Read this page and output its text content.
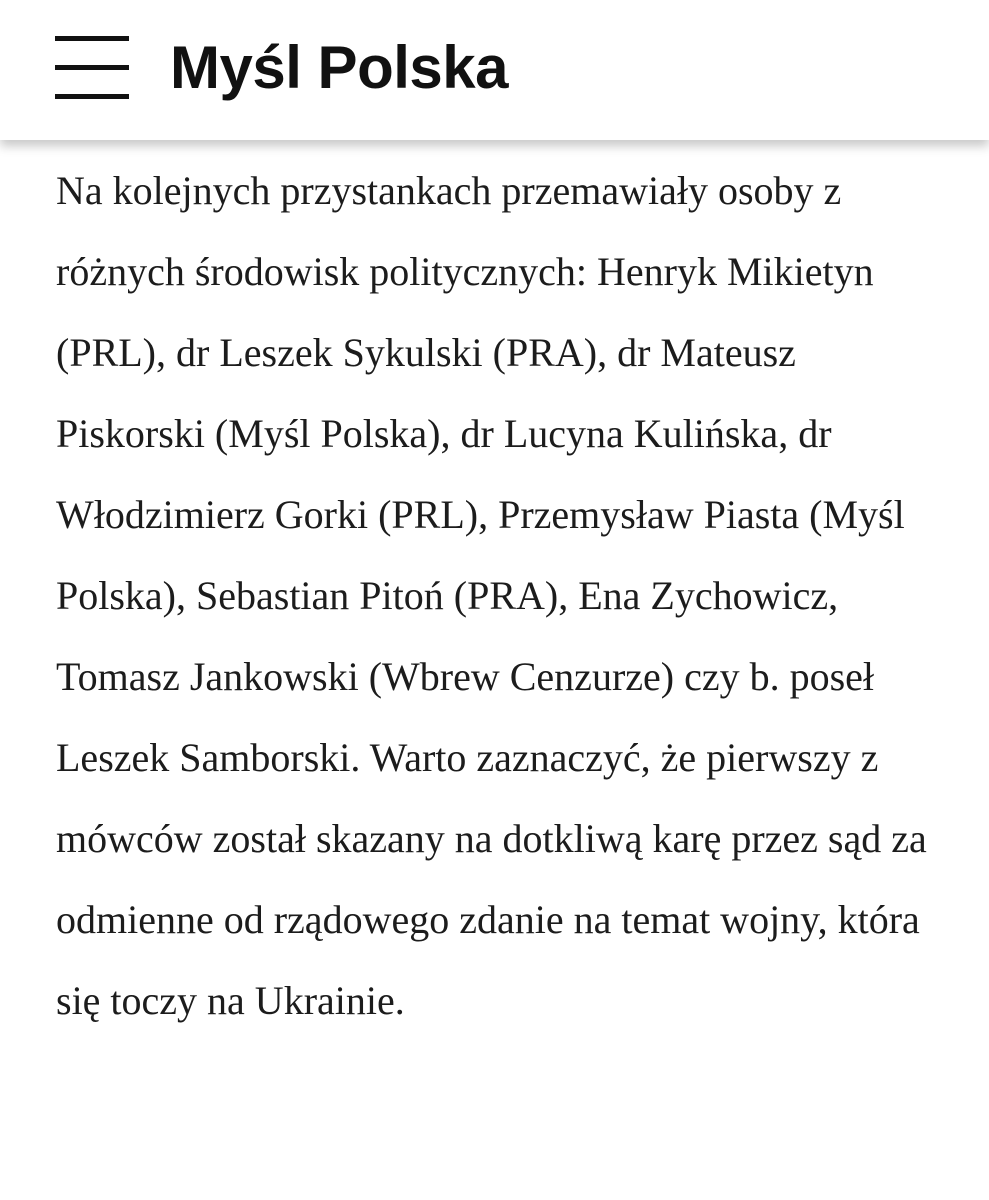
Myśl Polska

Na kolejnych przystankach przemawiały osoby z różnych środowisk politycznych: Henryk Mikietyn (PRL), dr Leszek Sykulski (PRA), dr Mateusz Piskorski (Myśl Polska), dr Lucyna Kulińska, dr Włodzimierz Gorki (PRL), Przemysław Piasta (Myśl Polska), Sebastian Pitoń (PRA), Ena Zychowicz, Tomasz Jankowski (Wbrew Cenzurze) czy b. poseł Leszek Samborski. Warto zaznaczyć, że pierwszy z mówców został skazany na dotkliwą karę przez sąd za odmienne od rządowego zdanie na temat wojny, która się toczy na Ukrainie.
